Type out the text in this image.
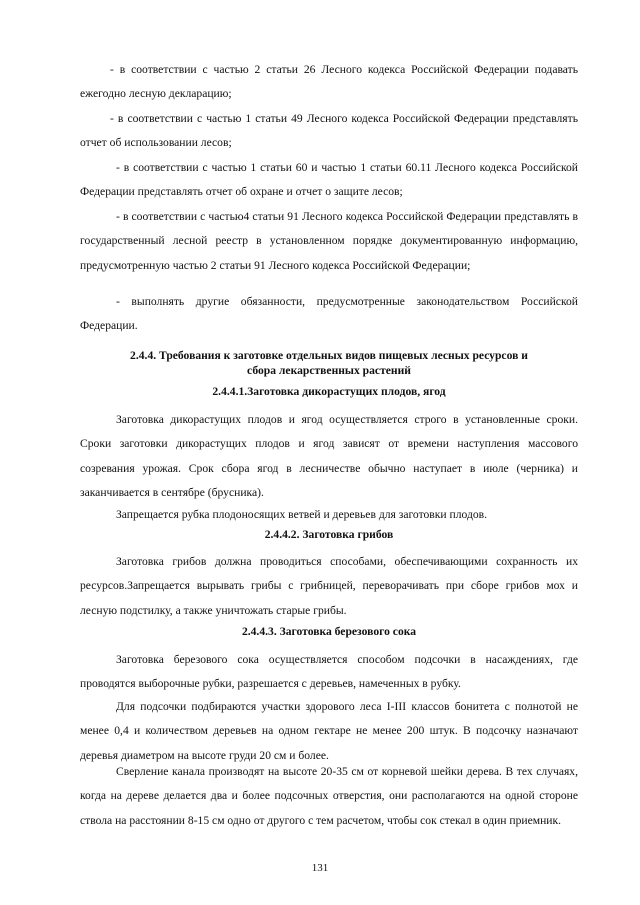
- в соответствии с частью 2 статьи 26 Лесного кодекса Российской Федерации подавать ежегодно лесную декларацию;

- в соответствии с частью 1 статьи 49 Лесного кодекса Российской Федерации представлять отчет об использовании лесов;

- в соответствии с частью 1 статьи 60 и частью 1 статьи 60.11 Лесного кодекса Российской Федерации представлять отчет об охране и отчет о защите лесов;

- в соответствии с частью4 статьи 91 Лесного кодекса Российской Федерации представлять в государственный лесной реестр в установленном порядке документированную информацию, предусмотренную частью 2 статьи 91 Лесного кодекса Российской Федерации;

- выполнять другие обязанности, предусмотренные законодательством Российской Федерации.

2.4.4. Требования к заготовке отдельных видов пищевых лесных ресурсов и
сбора лекарственных растений
2.4.4.1.Заготовка дикорастущих плодов, ягод

Заготовка дикорастущих плодов и ягод осуществляется строго в установленные сроки. Сроки заготовки дикорастущих плодов и ягод зависят от времени наступления массового созревания урожая. Срок сбора ягод в лесничестве обычно наступает в июле (черника) и заканчивается в сентябре (брусника).

Запрещается рубка плодоносящих ветвей и деревьев для заготовки плодов.

2.4.4.2. Заготовка грибов

Заготовка грибов должна проводиться способами, обеспечивающими сохранность их ресурсов.Запрещается вырывать грибы с грибницей, переворачивать при сборе грибов мох и лесную подстилку, а также уничтожать старые грибы.

2.4.4.3. Заготовка березового сока

Заготовка березового сока осуществляется способом подсочки в насаждениях, где проводятся выборочные рубки, разрешается с деревьев, намеченных в рубку.

Для подсочки подбираются участки здорового леса I-III классов бонитета с полнотой не менее 0,4 и количеством деревьев на одном гектаре не менее 200 штук. В подсочку назначают деревья диаметром на высоте груди 20 см и более.

Сверление канала производят на высоте 20-35 см от корневой шейки дерева. В тех случаях, когда на дереве делается два и более подсочных отверстия, они располагаются на одной стороне ствола на расстоянии 8-15 см одно от другого с тем расчетом, чтобы сок стекал в один приемник.

131
